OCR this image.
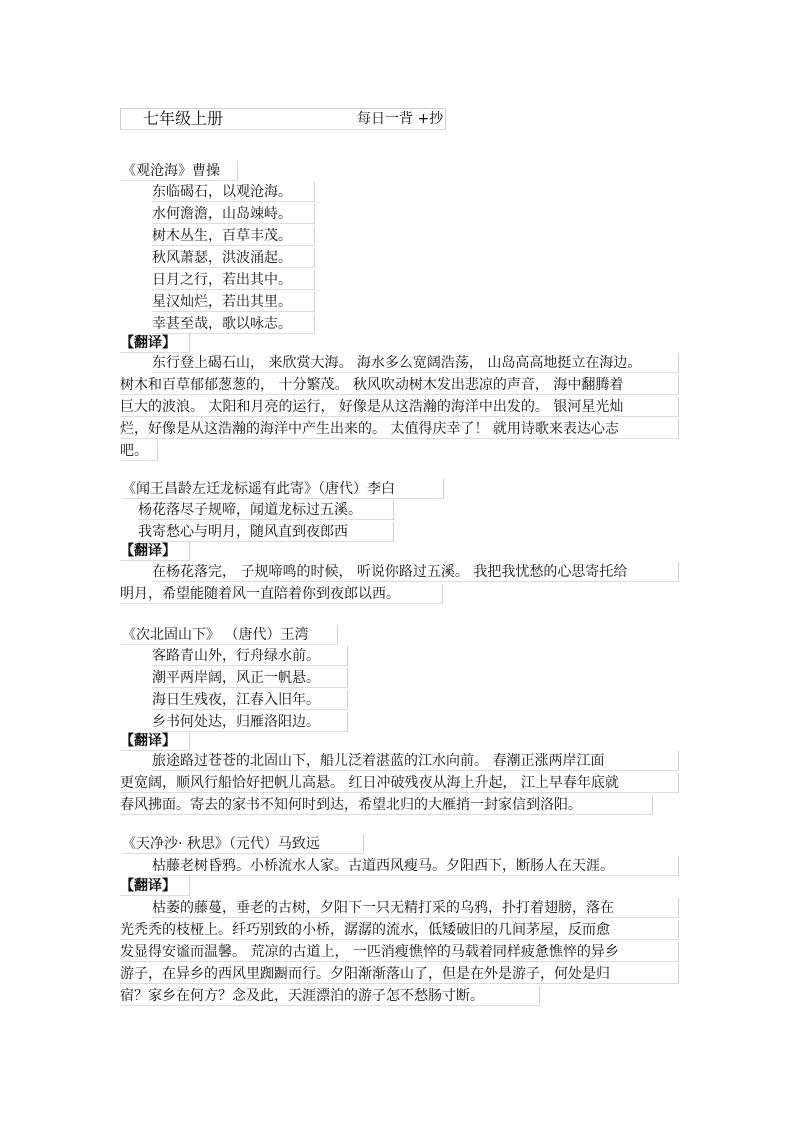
七年级上册	每日一背 +抄
《观沧海》曹操
东临碣石，以观沧海。
水何澹澹，山岛竦峙。
树木丛生，百草丰茂。
秋风萧瑟，洪波涌起。
日月之行，若出其中。
星汉灿烂，若出其里。
幸甚至哉，歌以咏志。
【翻译】
东行登上碣石山， 来欣赏大海。 海水多么宽阔浩荡， 山岛高高地挺立在海边。
树木和百草郁郁葱葱的， 十分繁茂。 秋风吹动树木发出悲凉的声音， 海中翻腾着
巨大的波浪。 太阳和月亮的运行， 好像是从这浩瀚的海洋中出发的。 银河星光灿
烂，好像是从这浩瀚的海洋中产生出来的。 太值得庆幸了！ 就用诗歌来表达心志
吧。
《闻王昌龄左迁龙标遥有此寄》（唐代）李白
杨花落尽子规啼，闻道龙标过五溪。
我寄愁心与明月，随风直到夜郎西
【翻译】
在杨花落完， 子规啼鸣的时候， 听说你路过五溪。 我把我忧愁的心思寄托给
明月，希望能随着风一直陪着你到夜郎以西。
《次北固山下》 （唐代）王湾
客路青山外，行舟绿水前。
潮平两岸阔，风正一帆悬。
海日生残夜，江春入旧年。
乡书何处达，归雁洛阳边。
【翻译】
旅途路过苍苍的北固山下，船儿泛着湛蓝的江水向前。 春潮正涨两岸江面
更宽阔，顺风行船恰好把帆儿高悬。 红日冲破残夜从海上升起， 江上早春年底就
春风拂面。寄去的家书不知何时到达，希望北归的大雁捎一封家信到洛阳。
《天净沙· 秋思》（元代）马致远
枯藤老树昏鸦。小桥流水人家。古道西风瘦马。夕阳西下，断肠人在天涯。
【翻译】
枯萎的藤蔓，垂老的古树，夕阳下一只无精打采的乌鸦，扑打着翅膀，落在
光秃秃的枝桠上。纤巧别致的小桥，潺潺的流水，低矮破旧的几间茅屋，反而愈
发显得安谧而温馨。 荒凉的古道上， 一匹消瘦憔悴的马载着同样疲惫憔悴的异乡
游子，在异乡的西风里踟蹰而行。夕阳渐渐落山了，但是在外是游子，何处是归
宿？家乡在何方？念及此，天涯漂泊的游子怎不愁肠寸断。
